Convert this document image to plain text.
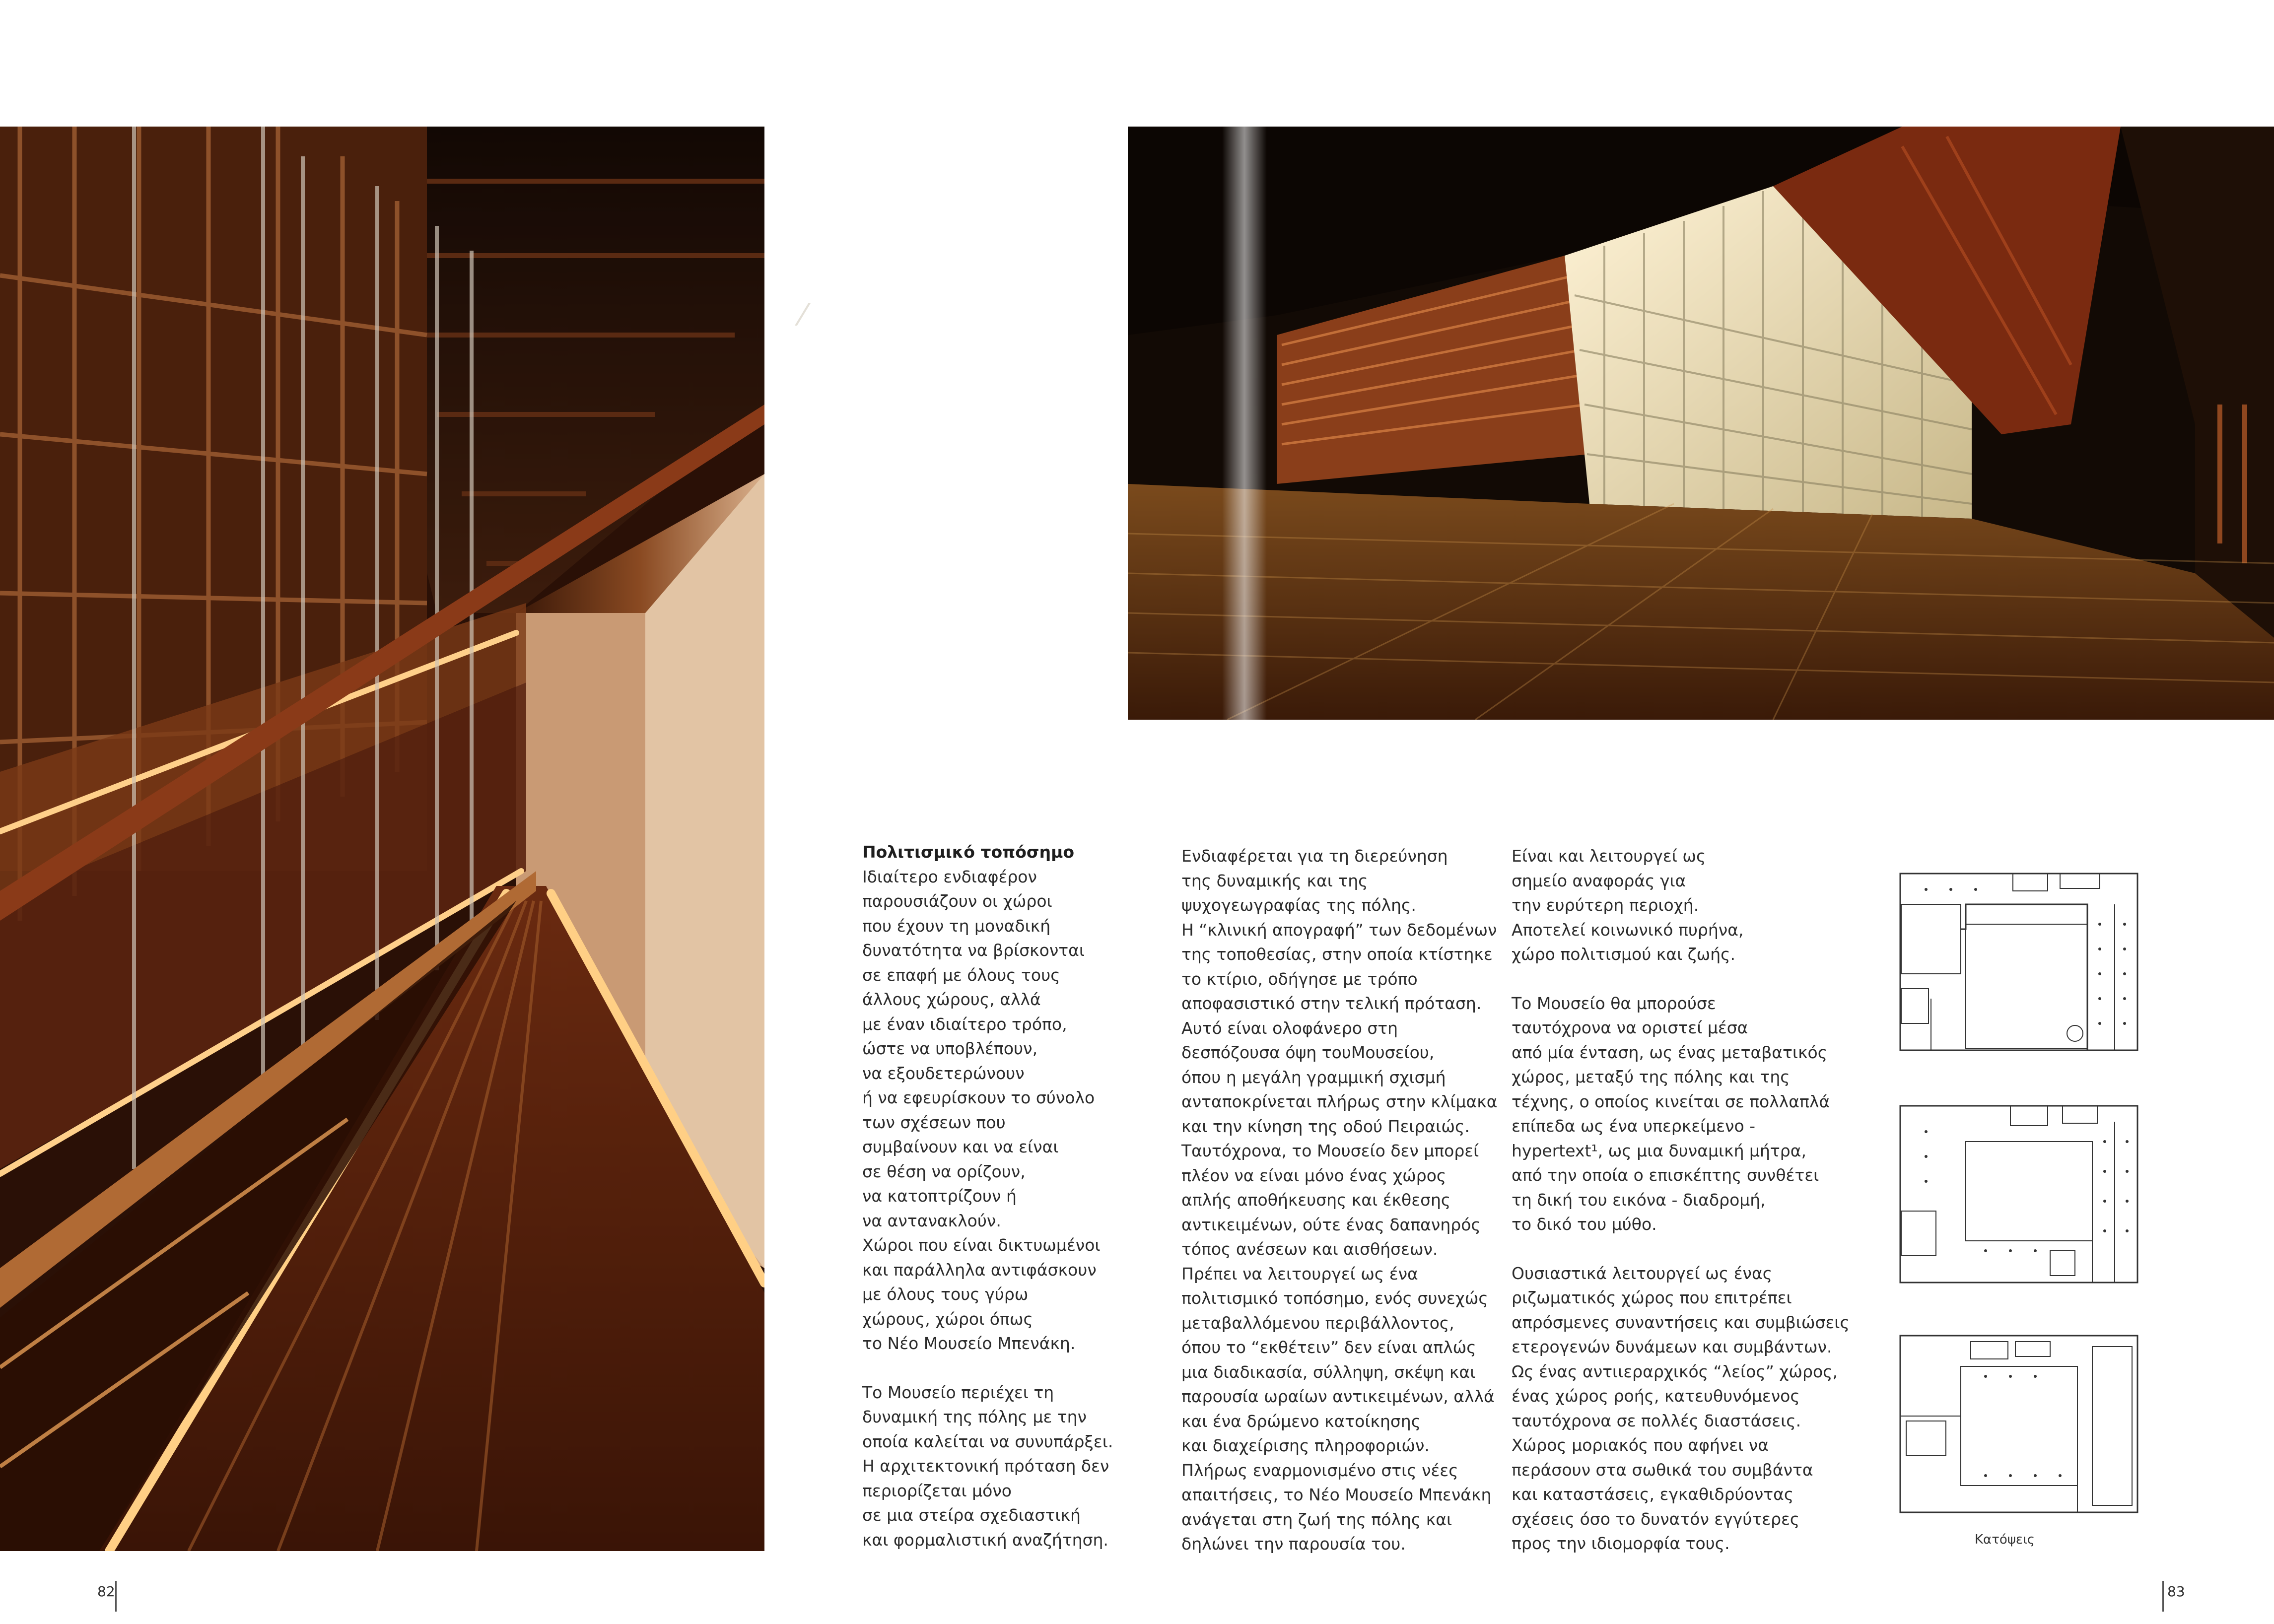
⁄

Πολιτισμικό τοπόσημο

Ιδιαίτερο ενδιαφέρον

παρουσιάζουν οι χώροι

που έχουν τη μοναδική

δυνατότητα να βρίσκονται

σε επαφή με όλους τους

άλλους χώρους, αλλά

με έναν ιδιαίτερο τρόπο,

ώστε να υποβλέπουν,

να εξουδετερώνουν

ή να εφευρίσκουν το σύνολο

των σχέσεων που

συμβαίνουν και να είναι

σε θέση να ορίζουν,

να κατοπτρίζουν ή

να αντανακλούν.

Χώροι που είναι δικτυωμένοι

και παράλληλα αντιφάσκουν

με όλους τους γύρω

χώρους, χώροι όπως

το Νέο Μουσείο Μπενάκη.

Το Μουσείο περιέχει τη

δυναμική της πόλης με την

οποία καλείται να συνυπάρξει.

Η αρχιτεκτονική πρόταση δεν

περιορίζεται μόνο

σε μια στείρα σχεδιαστική

και φορμαλιστική αναζήτηση.

Ενδιαφέρεται για τη διερεύνηση

της δυναμικής και της

ψυχογεωγραφίας της πόλης.

Η “κλινική απογραφή” των δεδομένων

της τοποθεσίας, στην οποία κτίστηκε

το κτίριο, οδήγησε με τρόπο

αποφασιστικό στην τελική πρόταση.

Αυτό είναι ολοφάνερο στη

δεσπόζουσα όψη τουΜουσείου,

όπου η μεγάλη γραμμική σχισμή

ανταποκρίνεται πλήρως στην κλίμακα

και την κίνηση της οδού Πειραιώς.

Ταυτόχρονα, το Μουσείο δεν μπορεί

πλέον να είναι μόνο ένας χώρος

απλής αποθήκευσης και έκθεσης

αντικειμένων, ούτε ένας δαπανηρός

τόπος ανέσεων και αισθήσεων.

Πρέπει να λειτουργεί ως ένα

πολιτισμικό τοπόσημο, ενός συνεχώς

μεταβαλλόμενου περιβάλλοντος,

όπου το “εκθέτειν” δεν είναι απλώς

μια διαδικασία, σύλληψη, σκέψη και

παρουσία ωραίων αντικειμένων, αλλά

και ένα δρώμενο κατοίκησης

και διαχείρισης πληροφοριών.

Πλήρως εναρμονισμένο στις νέες

απαιτήσεις, το Νέο Μουσείο Μπενάκη

ανάγεται στη ζωή της πόλης και

δηλώνει την παρουσία του.

Είναι και λειτουργεί ως

σημείο αναφοράς για

την ευρύτερη περιοχή.

Αποτελεί κοινωνικό πυρήνα,

χώρο πολιτισμού και ζωής.

Το Μουσείο θα μπορούσε

ταυτόχρονα να οριστεί μέσα

από μία ένταση, ως ένας μεταβατικός

χώρος, μεταξύ της πόλης και της

τέχνης, ο οποίος κινείται σε πολλαπλά

επίπεδα ως ένα υπερκείμενο -

hypertext¹, ως μια δυναμική μήτρα,

από την οποία ο επισκέπτης συνθέτει

τη δική του εικόνα - διαδρομή,

το δικό του μύθο.

Ουσιαστικά λειτουργεί ως ένας

ριζωματικός χώρος που επιτρέπει

απρόσμενες συναντήσεις και συμβιώσεις

ετερογενών δυνάμεων και συμβάντων.

Ως ένας αντιιεραρχικός “λείος” χώρος,

ένας χώρος ροής, κατευθυνόμενος

ταυτόχρονα σε πολλές διαστάσεις.

Χώρος μοριακός που αφήνει να

περάσουν στα σωθικά του συμβάντα

και καταστάσεις, εγκαθιδρύοντας

σχέσεις όσο το δυνατόν εγγύτερες

προς την ιδιομορφία τους.	Κατόψεις
82	83
